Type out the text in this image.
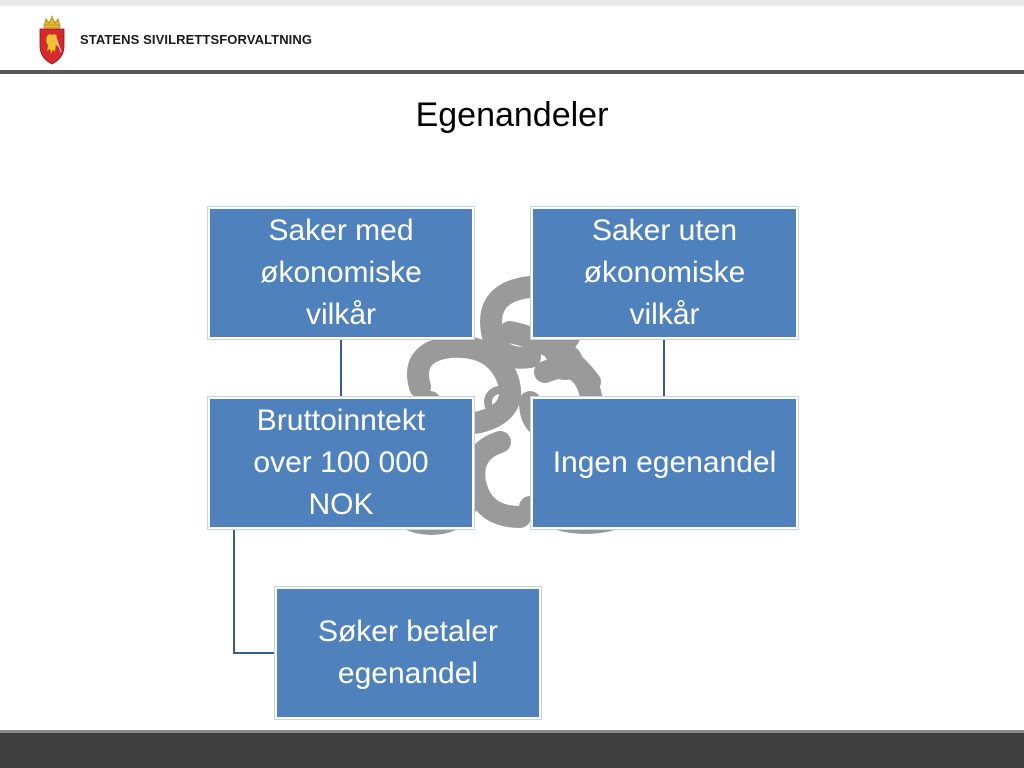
STATENS SIVILRETTSFORVALTNING
Egenandeler
Saker med
økonomiske
vilkår
Saker uten
økonomiske
vilkår
Bruttoinntekt
over 100 000
NOK
Ingen egenandel
Søker betaler
egenandel
